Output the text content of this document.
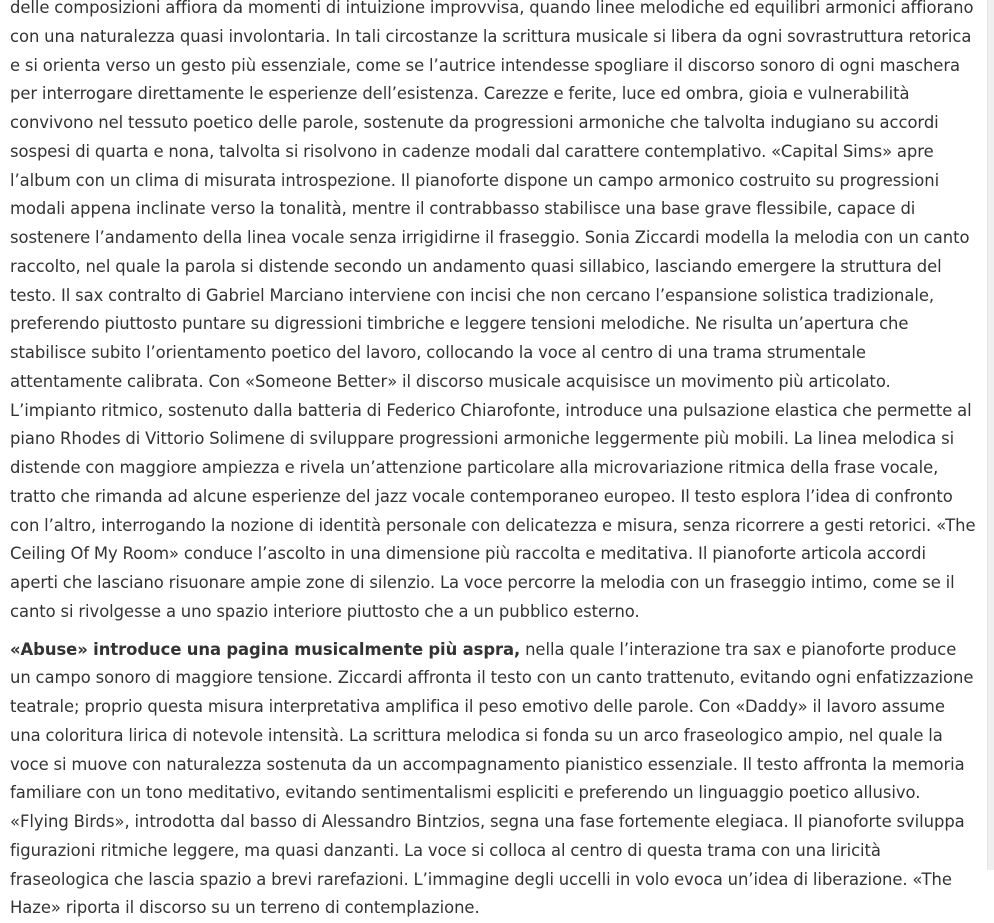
delle composizioni affiora da momenti di intuizione improvvisa, quando linee melodiche ed equilibri armonici affiorano con una naturalezza quasi involontaria. In tali circostanze la scrittura musicale si libera da ogni sovrastruttura retorica e si orienta verso un gesto più essenziale, come se l’autrice intendesse spogliare il discorso sonoro di ogni maschera per interrogare direttamente le esperienze dell’esistenza. Carezze e ferite, luce ed ombra, gioia e vulnerabilità convivono nel tessuto poetico delle parole, sostenute da progressioni armoniche che talvolta indugiano su accordi sospesi di quarta e nona, talvolta si risolvono in cadenze modali dal carattere contemplativo. «Capital Sims» apre l’album con un clima di misurata introspezione. Il pianoforte dispone un campo armonico costruito su progressioni modali appena inclinate verso la tonalità, mentre il contrabbasso stabilisce una base grave flessibile, capace di sostenere l’andamento della linea vocale senza irrigidirne il fraseggio. Sonia Ziccardi modella la melodia con un canto raccolto, nel quale la parola si distende secondo un andamento quasi sillabico, lasciando emergere la struttura del testo. Il sax contralto di Gabriel Marciano interviene con incisi che non cercano l’espansione solistica tradizionale, preferendo piuttosto puntare su digressioni timbriche e leggere tensioni melodiche. Ne risulta un’apertura che stabilisce subito l’orientamento poetico del lavoro, collocando la voce al centro di una trama strumentale attentamente calibrata. Con «Someone Better» il discorso musicale acquisisce un movimento più articolato. L’impianto ritmico, sostenuto dalla batteria di Federico Chiarofonte, introduce una pulsazione elastica che permette al piano Rhodes di Vittorio Solimene di sviluppare progressioni armoniche leggermente più mobili. La linea melodica si distende con maggiore ampiezza e rivela un’attenzione particolare alla microvariazione ritmica della frase vocale, tratto che rimanda ad alcune esperienze del jazz vocale contemporaneo europeo. Il testo esplora l’idea di confronto con l’altro, interrogando la nozione di identità personale con delicatezza e misura, senza ricorrere a gesti retorici. «The Ceiling Of My Room» conduce l’ascolto in una dimensione più raccolta e meditativa. Il pianoforte articola accordi aperti che lasciano risuonare ampie zone di silenzio. La voce percorre la melodia con un fraseggio intimo, come se il canto si rivolgesse a uno spazio interiore piuttosto che a un pubblico esterno.

«Abuse» introduce una pagina musicalmente più aspra, nella quale l’interazione tra sax e pianoforte produce un campo sonoro di maggiore tensione. Ziccardi affronta il testo con un canto trattenuto, evitando ogni enfatizzazione teatrale; proprio questa misura interpretativa amplifica il peso emotivo delle parole. Con «Daddy» il lavoro assume una coloritura lirica di notevole intensità. La scrittura melodica si fonda su un arco fraseologico ampio, nel quale la voce si muove con naturalezza sostenuta da un accompagnamento pianistico essenziale. Il testo affronta la memoria familiare con un tono meditativo, evitando sentimentalismi espliciti e preferendo un linguaggio poetico allusivo. «Flying Birds», introdotta dal basso di Alessandro Bintzios, segna una fase fortemente elegiaca. Il pianoforte sviluppa figurazioni ritmiche leggere, ma quasi danzanti. La voce si colloca al centro di questa trama con una liricità fraseologica che lascia spazio a brevi rarefazioni. L’immagine degli uccelli in volo evoca un’idea di liberazione. «The Haze» riporta il discorso su un terreno di contemplazione.
